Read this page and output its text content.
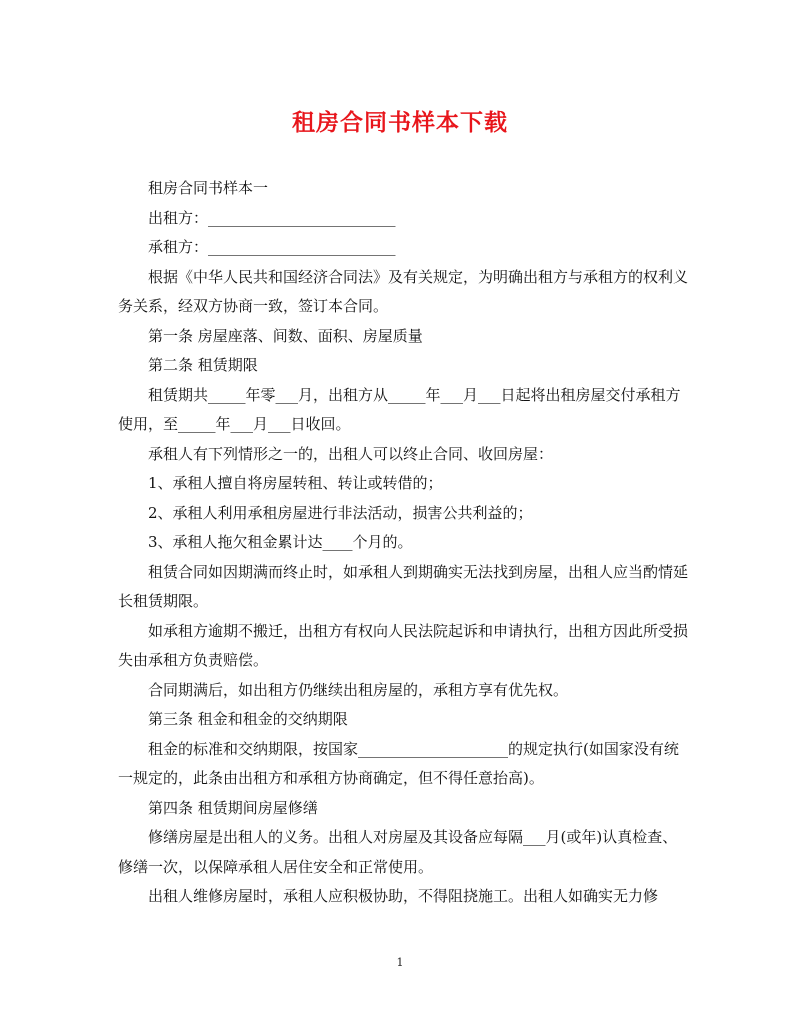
租房合同书样本下载

租房合同书样本一

出租方：_________________________

承租方：_________________________

根据《中华人民共和国经济合同法》及有关规定，为明确出租方与承租方的权利义务关系，经双方协商一致，签订本合同。

第一条 房屋座落、间数、面积、房屋质量

第二条 租赁期限

租赁期共_____年零___月，出租方从_____年___月___日起将出租房屋交付承租方使用，至_____年___月___日收回。

承租人有下列情形之一的，出租人可以终止合同、收回房屋：

1、承租人擅自将房屋转租、转让或转借的；

2、承租人利用承租房屋进行非法活动，损害公共利益的；

3、承租人拖欠租金累计达____个月的。

租赁合同如因期满而终止时，如承租人到期确实无法找到房屋，出租人应当酌情延长租赁期限。

如承租方逾期不搬迁，出租方有权向人民法院起诉和申请执行，出租方因此所受损失由承租方负责赔偿。

合同期满后，如出租方仍继续出租房屋的，承租方享有优先权。

第三条 租金和租金的交纳期限

租金的标准和交纳期限，按国家____________________的规定执行(如国家没有统一规定的，此条由出租方和承租方协商确定，但不得任意抬高)。

第四条 租赁期间房屋修缮

修缮房屋是出租人的义务。出租人对房屋及其设备应每隔___月(或年)认真检查、修缮一次，以保障承租人居住安全和正常使用。

出租人维修房屋时，承租人应积极协助，不得阻挠施工。出租人如确实无力修

1
